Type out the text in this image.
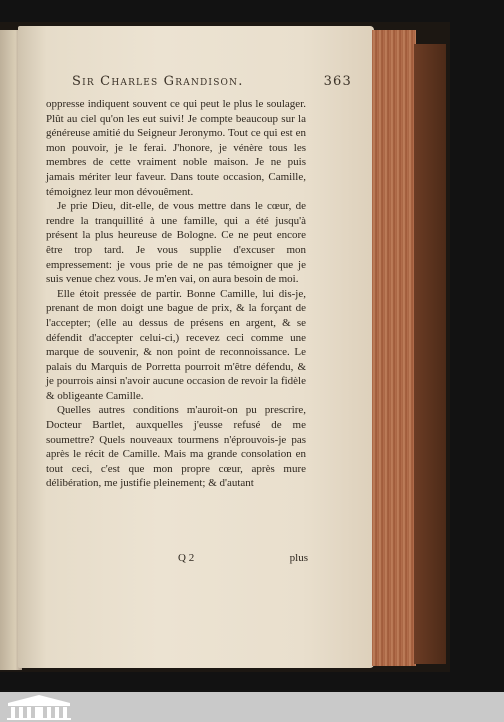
Sir Charles Grandison.	363

oppresse indiquent souvent ce qui peut le plus le soulager. Plût au ciel qu'on les eut suivi! Je compte beaucoup sur la généreuse amitié du Seigneur Jeronymo. Tout ce qui est en mon pouvoir, je le ferai. J'honore, je vénère tous les membres de cette vraiment noble maison. Je ne puis jamais mériter leur faveur. Dans toute occasion, Camille, témoignez leur mon dévouêment.

Je prie Dieu, dit-elle, de vous mettre dans le cœur, de rendre la tranquillité à une famille, qui a été jusqu'à présent la plus heureuse de Bologne. Ce ne peut encore être trop tard. Je vous supplie d'excuser mon empressement: je vous prie de ne pas témoigner que je suis venue chez vous. Je m'en vai, on aura besoin de moi.

Elle étoit pressée de partir. Bonne Camille, lui dis-je, prenant de mon doigt une bague de prix, & la forçant de l'accepter; (elle au dessus de présens en argent, & se défendit d'accepter celui-ci,) recevez ceci comme une marque de souvenir, & non point de reconnoissance. Le palais du Marquis de Porretta pourroit m'être défendu, & je pourrois ainsi n'avoir aucune occasion de revoir la fidèle & obligeante Camille.

Quelles autres conditions m'auroit-on pu prescrire, Docteur Bartlet, auxquelles j'eusse refusé de me soumettre? Quels nouveaux tourmens n'éprouvois-je pas après le récit de Camille. Mais ma grande consolation en tout ceci, c'est que mon propre cœur, après mure délibération, me justifie pleinement; & d'autant

Q 2	plus
